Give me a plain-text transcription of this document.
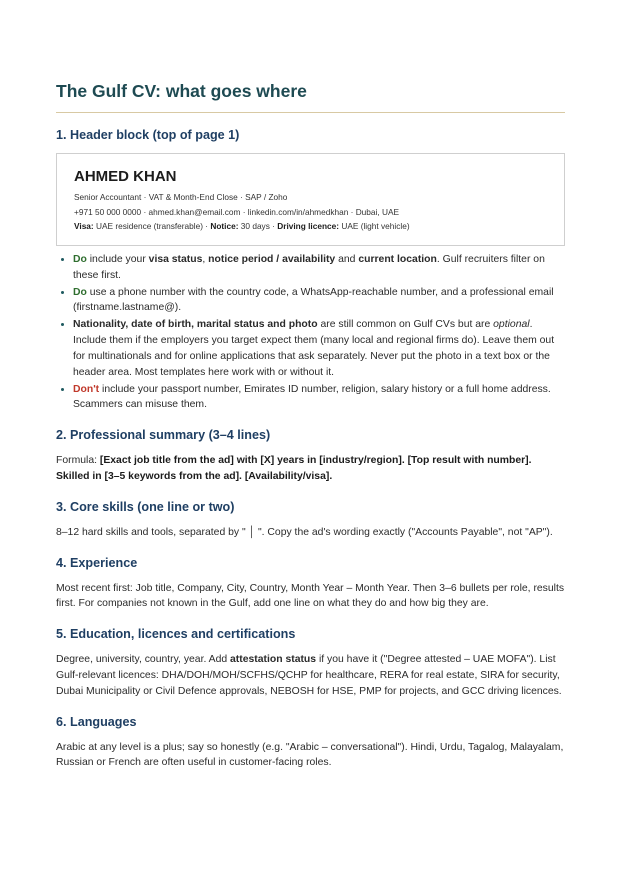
The Gulf CV: what goes where
1. Header block (top of page 1)
AHMED KHAN
Senior Accountant · VAT & Month-End Close · SAP / Zoho
+971 50 000 0000 · ahmed.khan@email.com · linkedin.com/in/ahmedkhan · Dubai, UAE
Visa: UAE residence (transferable) · Notice: 30 days · Driving licence: UAE (light vehicle)
• Do include your visa status, notice period / availability and current location. Gulf recruiters filter on these first.
• Do use a phone number with the country code, a WhatsApp-reachable number, and a professional email (firstname.lastname@).
• Nationality, date of birth, marital status and photo are still common on Gulf CVs but are optional. Include them if the employers you target expect them (many local and regional firms do). Leave them out for multinationals and for online applications that ask separately. Never put the photo in a text box or the header area. Most templates here work with or without it.
• Don't include your passport number, Emirates ID number, religion, salary history or a full home address. Scammers can misuse them.
2. Professional summary (3–4 lines)

Formula: [Exact job title from the ad] with [X] years in [industry/region]. [Top result with number]. Skilled in [3–5 keywords from the ad]. [Availability/visa].

3. Core skills (one line or two)

8–12 hard skills and tools, separated by " │ ". Copy the ad's wording exactly ("Accounts Payable", not "AP").

4. Experience

Most recent first: Job title, Company, City, Country, Month Year – Month Year. Then 3–6 bullets per role, results first. For companies not known in the Gulf, add one line on what they do and how big they are.

5. Education, licences and certifications

Degree, university, country, year. Add attestation status if you have it ("Degree attested – UAE MOFA"). List Gulf-relevant licences: DHA/DOH/MOH/SCFHS/QCHP for healthcare, RERA for real estate, SIRA for security, Dubai Municipality or Civil Defence approvals, NEBOSH for HSE, PMP for projects, and GCC driving licences.

6. Languages

Arabic at any level is a plus; say so honestly (e.g. "Arabic – conversational"). Hindi, Urdu, Tagalog, Malayalam, Russian or French are often useful in customer-facing roles.
